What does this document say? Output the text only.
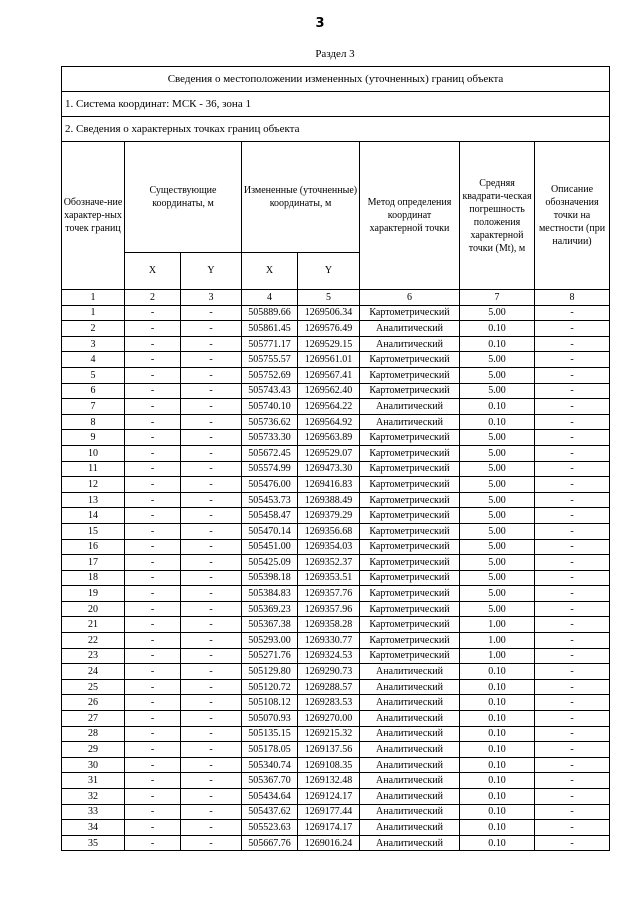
3
Раздел 3
Сведения о местоположении измененных (уточненных) границ объекта							
1. Система координат: МСК - 36, зона 1							
2. Сведения о характерных точках границ объекта							
Обозначе-ние характер-ных точек границ	Существующие координаты, м		Измененные (уточненные) координаты, м		Метод определения координат характерной точки	Средняя квадрати-ческая погрешность положения характерной точки (Mt), м	Описание обозначения точки на местности (при наличии)
	X	Y	X	Y			
1	2	3	4	5	6	7	8
1	-	-	505889.66	1269506.34	Картометрический	5.00	-
2	-	-	505861.45	1269576.49	Аналитический	0.10	-
3	-	-	505771.17	1269529.15	Аналитический	0.10	-
4	-	-	505755.57	1269561.01	Картометрический	5.00	-
5	-	-	505752.69	1269567.41	Картометрический	5.00	-
6	-	-	505743.43	1269562.40	Картометрический	5.00	-
7	-	-	505740.10	1269564.22	Аналитический	0.10	-
8	-	-	505736.62	1269564.92	Аналитический	0.10	-
9	-	-	505733.30	1269563.89	Картометрический	5.00	-
10	-	-	505672.45	1269529.07	Картометрический	5.00	-
11	-	-	505574.99	1269473.30	Картометрический	5.00	-
12	-	-	505476.00	1269416.83	Картометрический	5.00	-
13	-	-	505453.73	1269388.49	Картометрический	5.00	-
14	-	-	505458.47	1269379.29	Картометрический	5.00	-
15	-	-	505470.14	1269356.68	Картометрический	5.00	-
16	-	-	505451.00	1269354.03	Картометрический	5.00	-
17	-	-	505425.09	1269352.37	Картометрический	5.00	-
18	-	-	505398.18	1269353.51	Картометрический	5.00	-
19	-	-	505384.83	1269357.76	Картометрический	5.00	-
20	-	-	505369.23	1269357.96	Картометрический	5.00	-
21	-	-	505367.38	1269358.28	Картометрический	1.00	-
22	-	-	505293.00	1269330.77	Картометрический	1.00	-
23	-	-	505271.76	1269324.53	Картометрический	1.00	-
24	-	-	505129.80	1269290.73	Аналитический	0.10	-
25	-	-	505120.72	1269288.57	Аналитический	0.10	-
26	-	-	505108.12	1269283.53	Аналитический	0.10	-
27	-	-	505070.93	1269270.00	Аналитический	0.10	-
28	-	-	505135.15	1269215.32	Аналитический	0.10	-
29	-	-	505178.05	1269137.56	Аналитический	0.10	-
30	-	-	505340.74	1269108.35	Аналитический	0.10	-
31	-	-	505367.70	1269132.48	Аналитический	0.10	-
32	-	-	505434.64	1269124.17	Аналитический	0.10	-
33	-	-	505437.62	1269177.44	Аналитический	0.10	-
34	-	-	505523.63	1269174.17	Аналитический	0.10	-
35	-	-	505667.76	1269016.24	Аналитический	0.10	-
